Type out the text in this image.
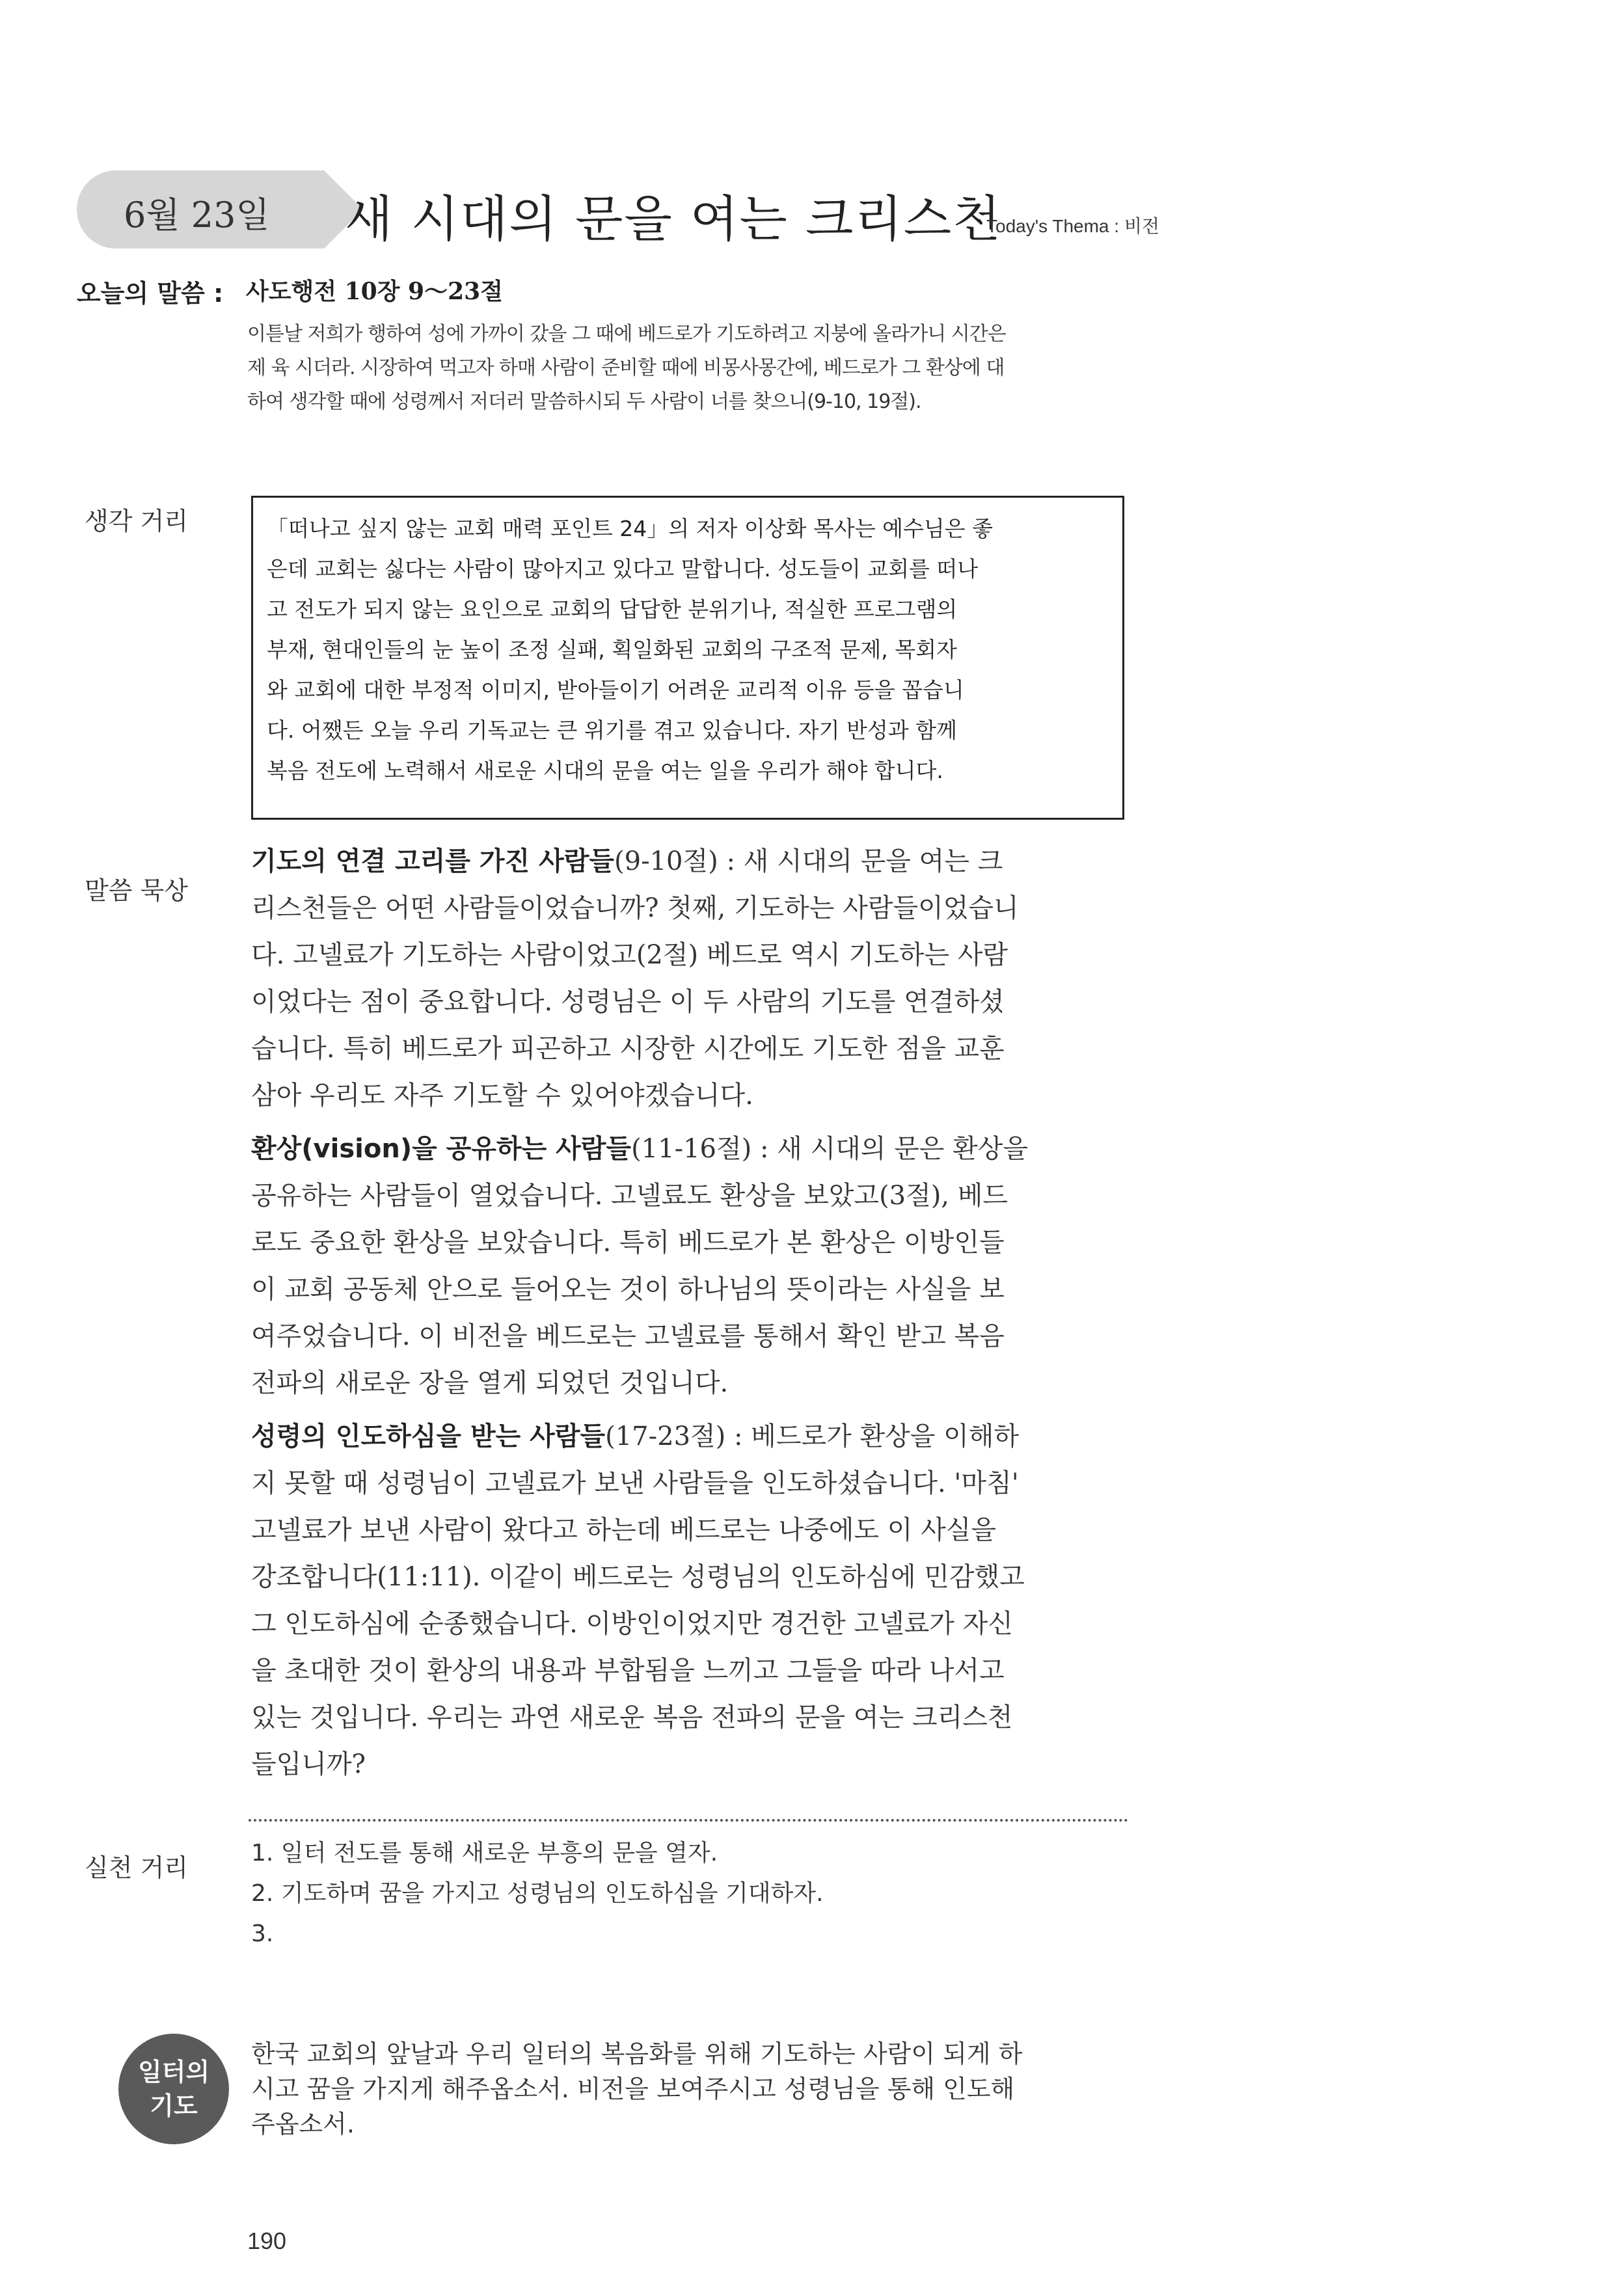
6월 23일 새 시대의 문을 여는 크리스천
Today's Thema : 비전
오늘의 말씀 : 사도행전 10장 9～23절
이튿날 저희가 행하여 성에 가까이 갔을 그 때에 베드로가 기도하려고 지붕에 올라가니 시간은
제 육 시더라. 시장하여 먹고자 하매 사람이 준비할 때에 비몽사몽간에, 베드로가 그 환상에 대
하여 생각할 때에 성령께서 저더러 말씀하시되 두 사람이 너를 찾으니(9-10, 19절).
생각 거리	「떠나고 싶지 않는 교회 매력 포인트 24」의 저자 이상화 목사는 예수님은 좋
은데 교회는 싫다는 사람이 많아지고 있다고 말합니다. 성도들이 교회를 떠나
고 전도가 되지 않는 요인으로 교회의 답답한 분위기나, 적실한 프로그램의
부재, 현대인들의 눈 높이 조정 실패, 획일화된 교회의 구조적 문제, 목회자
와 교회에 대한 부정적 이미지, 받아들이기 어려운 교리적 이유 등을 꼽습니
다. 어쨌든 오늘 우리 기독교는 큰 위기를 겪고 있습니다. 자기 반성과 함께
복음 전도에 노력해서 새로운 시대의 문을 여는 일을 우리가 해야 합니다.
말씀 묵상
기도의 연결 고리를 가진 사람들(9-10절) : 새 시대의 문을 여는 크
리스천들은 어떤 사람들이었습니까? 첫째, 기도하는 사람들이었습니
다. 고넬료가 기도하는 사람이었고(2절) 베드로 역시 기도하는 사람
이었다는 점이 중요합니다. 성령님은 이 두 사람의 기도를 연결하셨
습니다. 특히 베드로가 피곤하고 시장한 시간에도 기도한 점을 교훈
삼아 우리도 자주 기도할 수 있어야겠습니다.
환상(vision)을 공유하는 사람들(11-16절) : 새 시대의 문은 환상을
공유하는 사람들이 열었습니다. 고넬료도 환상을 보았고(3절), 베드
로도 중요한 환상을 보았습니다. 특히 베드로가 본 환상은 이방인들
이 교회 공동체 안으로 들어오는 것이 하나님의 뜻이라는 사실을 보
여주었습니다. 이 비전을 베드로는 고넬료를 통해서 확인 받고 복음
전파의 새로운 장을 열게 되었던 것입니다.
성령의 인도하심을 받는 사람들(17-23절) : 베드로가 환상을 이해하
지 못할 때 성령님이 고넬료가 보낸 사람들을 인도하셨습니다. '마침'
고넬료가 보낸 사람이 왔다고 하는데 베드로는 나중에도 이 사실을
강조합니다(11:11). 이같이 베드로는 성령님의 인도하심에 민감했고
그 인도하심에 순종했습니다. 이방인이었지만 경건한 고넬료가 자신
을 초대한 것이 환상의 내용과 부합됨을 느끼고 그들을 따라 나서고
있는 것입니다. 우리는 과연 새로운 복음 전파의 문을 여는 크리스천
들입니까?
실천 거리
1. 일터 전도를 통해 새로운 부흥의 문을 열자.
2. 기도하며 꿈을 가지고 성령님의 인도하심을 기대하자.
3.
일터의
기도
한국 교회의 앞날과 우리 일터의 복음화를 위해 기도하는 사람이 되게 하
시고 꿈을 가지게 해주옵소서. 비전을 보여주시고 성령님을 통해 인도해
주옵소서.
190
